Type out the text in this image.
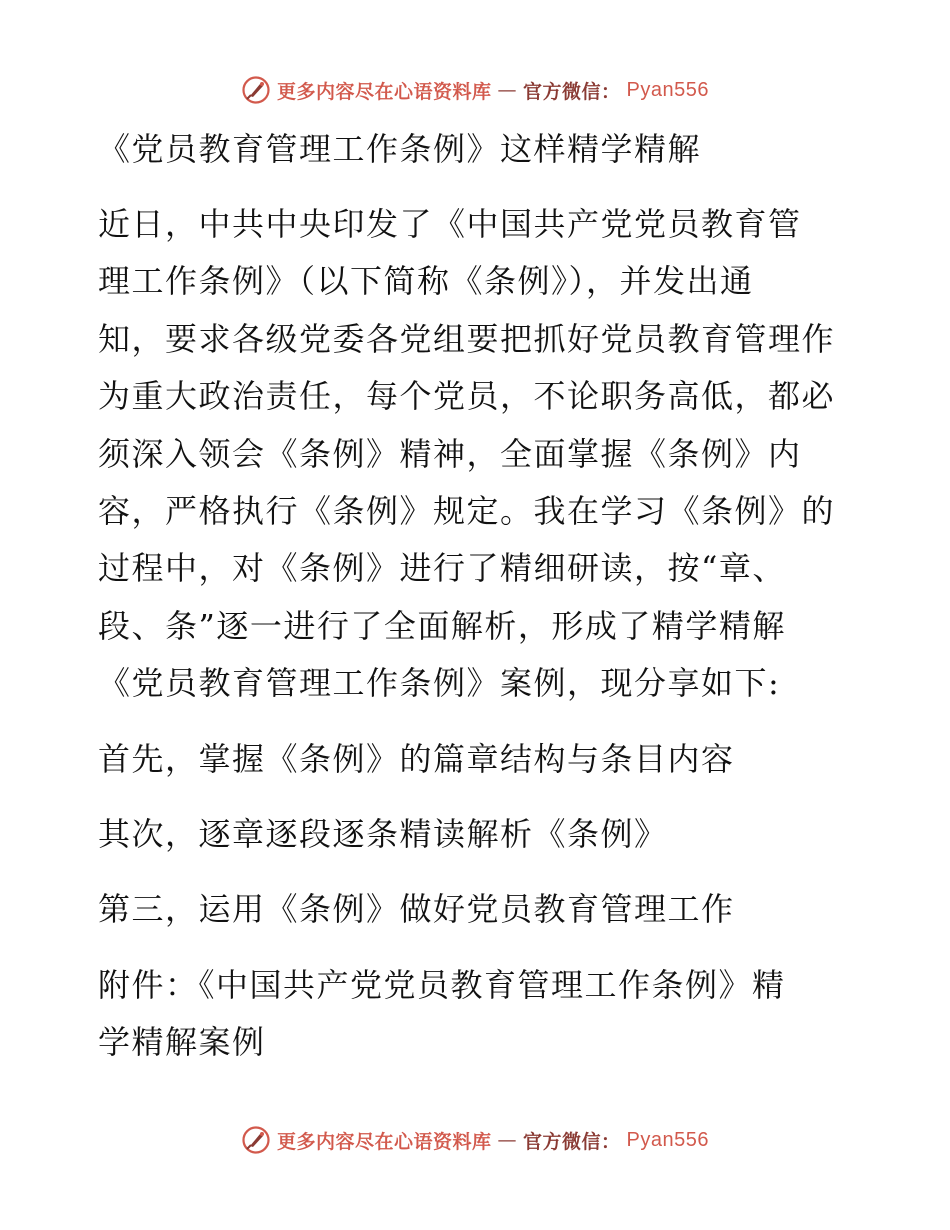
更多内容尽在心语资料库 — 官方微信： Pyan556
《党员教育管理工作条例》这样精学精解
近日，中共中央印发了《中国共产党党员教育管
理工作条例》（以下简称《条例》），并发出通
知，要求各级党委各党组要把抓好党员教育管理作
为重大政治责任，每个党员，不论职务高低，都必
须深入领会《条例》精神，全面掌握《条例》内
容，严格执行《条例》规定。我在学习《条例》的
过程中，对《条例》进行了精细研读，按“章、
段、条”逐一进行了全面解析，形成了精学精解
《党员教育管理工作条例》案例，现分享如下:
首先，掌握《条例》的篇章结构与条目内容
其次，逐章逐段逐条精读解析《条例》
第三，运用《条例》做好党员教育管理工作
附件：《中国共产党党员教育管理工作条例》精
学精解案例
更多内容尽在心语资料库 — 官方微信： Pyan556
